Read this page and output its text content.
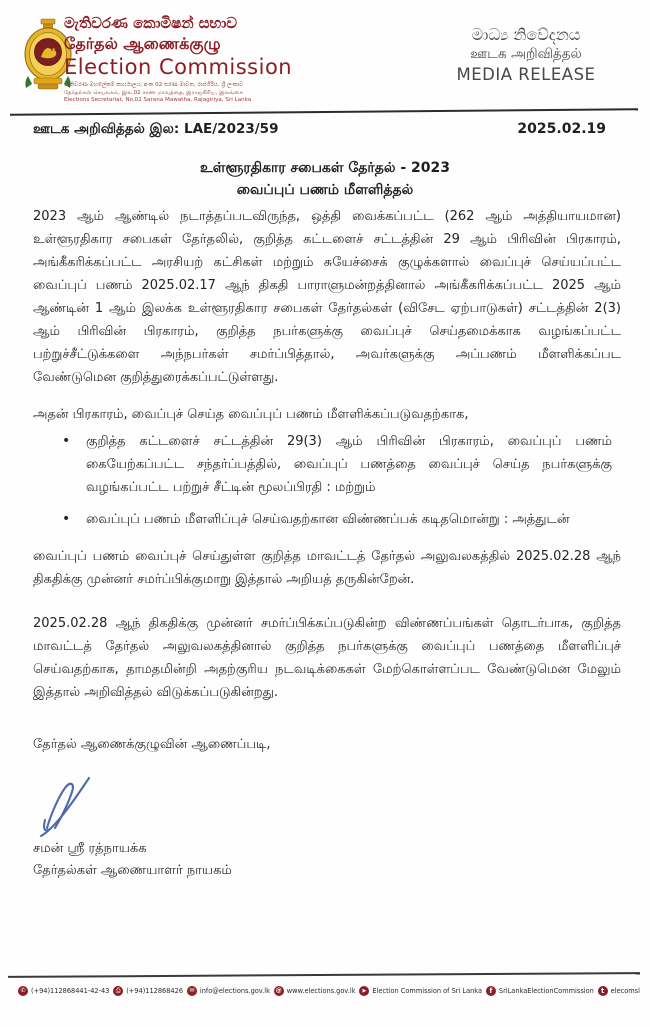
මැතිවරණ කොමිෂන් සභාව
தேர்தல் ஆணைக்குழு
Election Commission
මැතිවරණ මහලේකම් කාර්යාලය, අංක 02 සරණ මාවත, රාජගිරිය, ශ්‍රී ලංකාව
தேர்தல்கள் செயலகம், இல.02 சரண மாவத்தை, இராஜகிரிய, இலங்கை
Elections Secretariat, No.02 Sarana Mawatha, Rajagiriya, Sri Lanka
මාධ්‍ය නිවේදනය
ஊடக அறிவித்தல்
MEDIA RELEASE
ஊடக அறிவித்தல் இல: LAE/2023/59	2025.02.19
உள்ளூரதிகார சபைகள் தேர்தல் - 2023
வைப்புப் பணம் மீளளித்தல்

2023 ஆம் ஆண்டில் நடாத்தப்படவிருந்த, ஒத்தி வைக்கப்பட்ட (262 ஆம் அத்தியாயமான) உள்ளூரதிகார சபைகள் தேர்தலில், குறித்த கட்டளைச் சட்டத்தின் 29 ஆம் பிரிவின் பிரகாரம், அங்கீகரிக்கப்பட்ட அரசியற் கட்சிகள் மற்றும் சுயேச்சைக் குழுக்களால் வைப்புச் செய்யப்பட்ட வைப்புப் பணம் 2025.02.17 ஆந் திகதி பாராளுமன்றத்தினால் அங்கீகரிக்கப்பட்ட 2025 ஆம் ஆண்டின் 1 ஆம் இலக்க உள்ளூரதிகார சபைகள் தேர்தல்கள் (விசேட ஏற்பாடுகள்) சட்டத்தின் 2(3) ஆம் பிரிவின் பிரகாரம், குறித்த நபர்களுக்கு வைப்புச் செய்தமைக்காக வழங்கப்பட்ட பற்றுச்சீட்டுக்களை அந்நபர்கள் சமர்ப்பித்தால், அவர்களுக்கு அப்பணம் மீளளிக்கப்பட வேண்டுமென குறித்துரைக்கப்பட்டுள்ளது.

அதன் பிரகாரம், வைப்புச் செய்த வைப்புப் பணம் மீளளிக்கப்படுவதற்காக,

• குறித்த கட்டளைச் சட்டத்தின் 29(3) ஆம் பிரிவின் பிரகாரம், வைப்புப் பணம் கையேற்கப்பட்ட சந்தர்ப்பத்தில், வைப்புப் பணத்தை வைப்புச் செய்த நபர்களுக்கு வழங்கப்பட்ட பற்றுச் சீட்டின் மூலப்பிரதி : மற்றும்
• வைப்புப் பணம் மீளளிப்புச் செய்வதற்கான விண்ணப்பக் கடிதமொன்று : அத்துடன்

வைப்புப் பணம் வைப்புச் செய்துள்ள குறித்த மாவட்டத் தேர்தல் அலுவலகத்தில் 2025.02.28 ஆந் திகதிக்கு முன்னர் சமர்ப்பிக்குமாறு இத்தால் அறியத் தருகின்றேன்.

2025.02.28 ஆந் திகதிக்கு முன்னர் சமர்ப்பிக்கப்படுகின்ற விண்ணப்பங்கள் தொடர்பாக, குறித்த மாவட்டத் தேர்தல் அலுவலகத்தினால் குறித்த நபர்களுக்கு வைப்புப் பணத்தை மீளளிப்புச் செய்வதற்காக, தாமதமின்றி அதற்குரிய நடவடிக்கைகள் மேற்கொள்ளப்பட வேண்டுமென மேலும் இத்தால் அறிவித்தல் விடுக்கப்படுகின்றது.

தேர்தல் ஆணைக்குழுவின் ஆணைப்படி,

சமன் ஸ்ரீ ரத்நாயக்க
தேர்தல்கள் ஆணையாளர் நாயகம்
✆
(+94)112868441-42-43 ⎙	(+94)112868426 ✉	info@elections.gov.lk @	www.elections.gov.lk ▶	Election Commission of Sri Lanka f	SriLankaElectionCommission t	elecomsl
